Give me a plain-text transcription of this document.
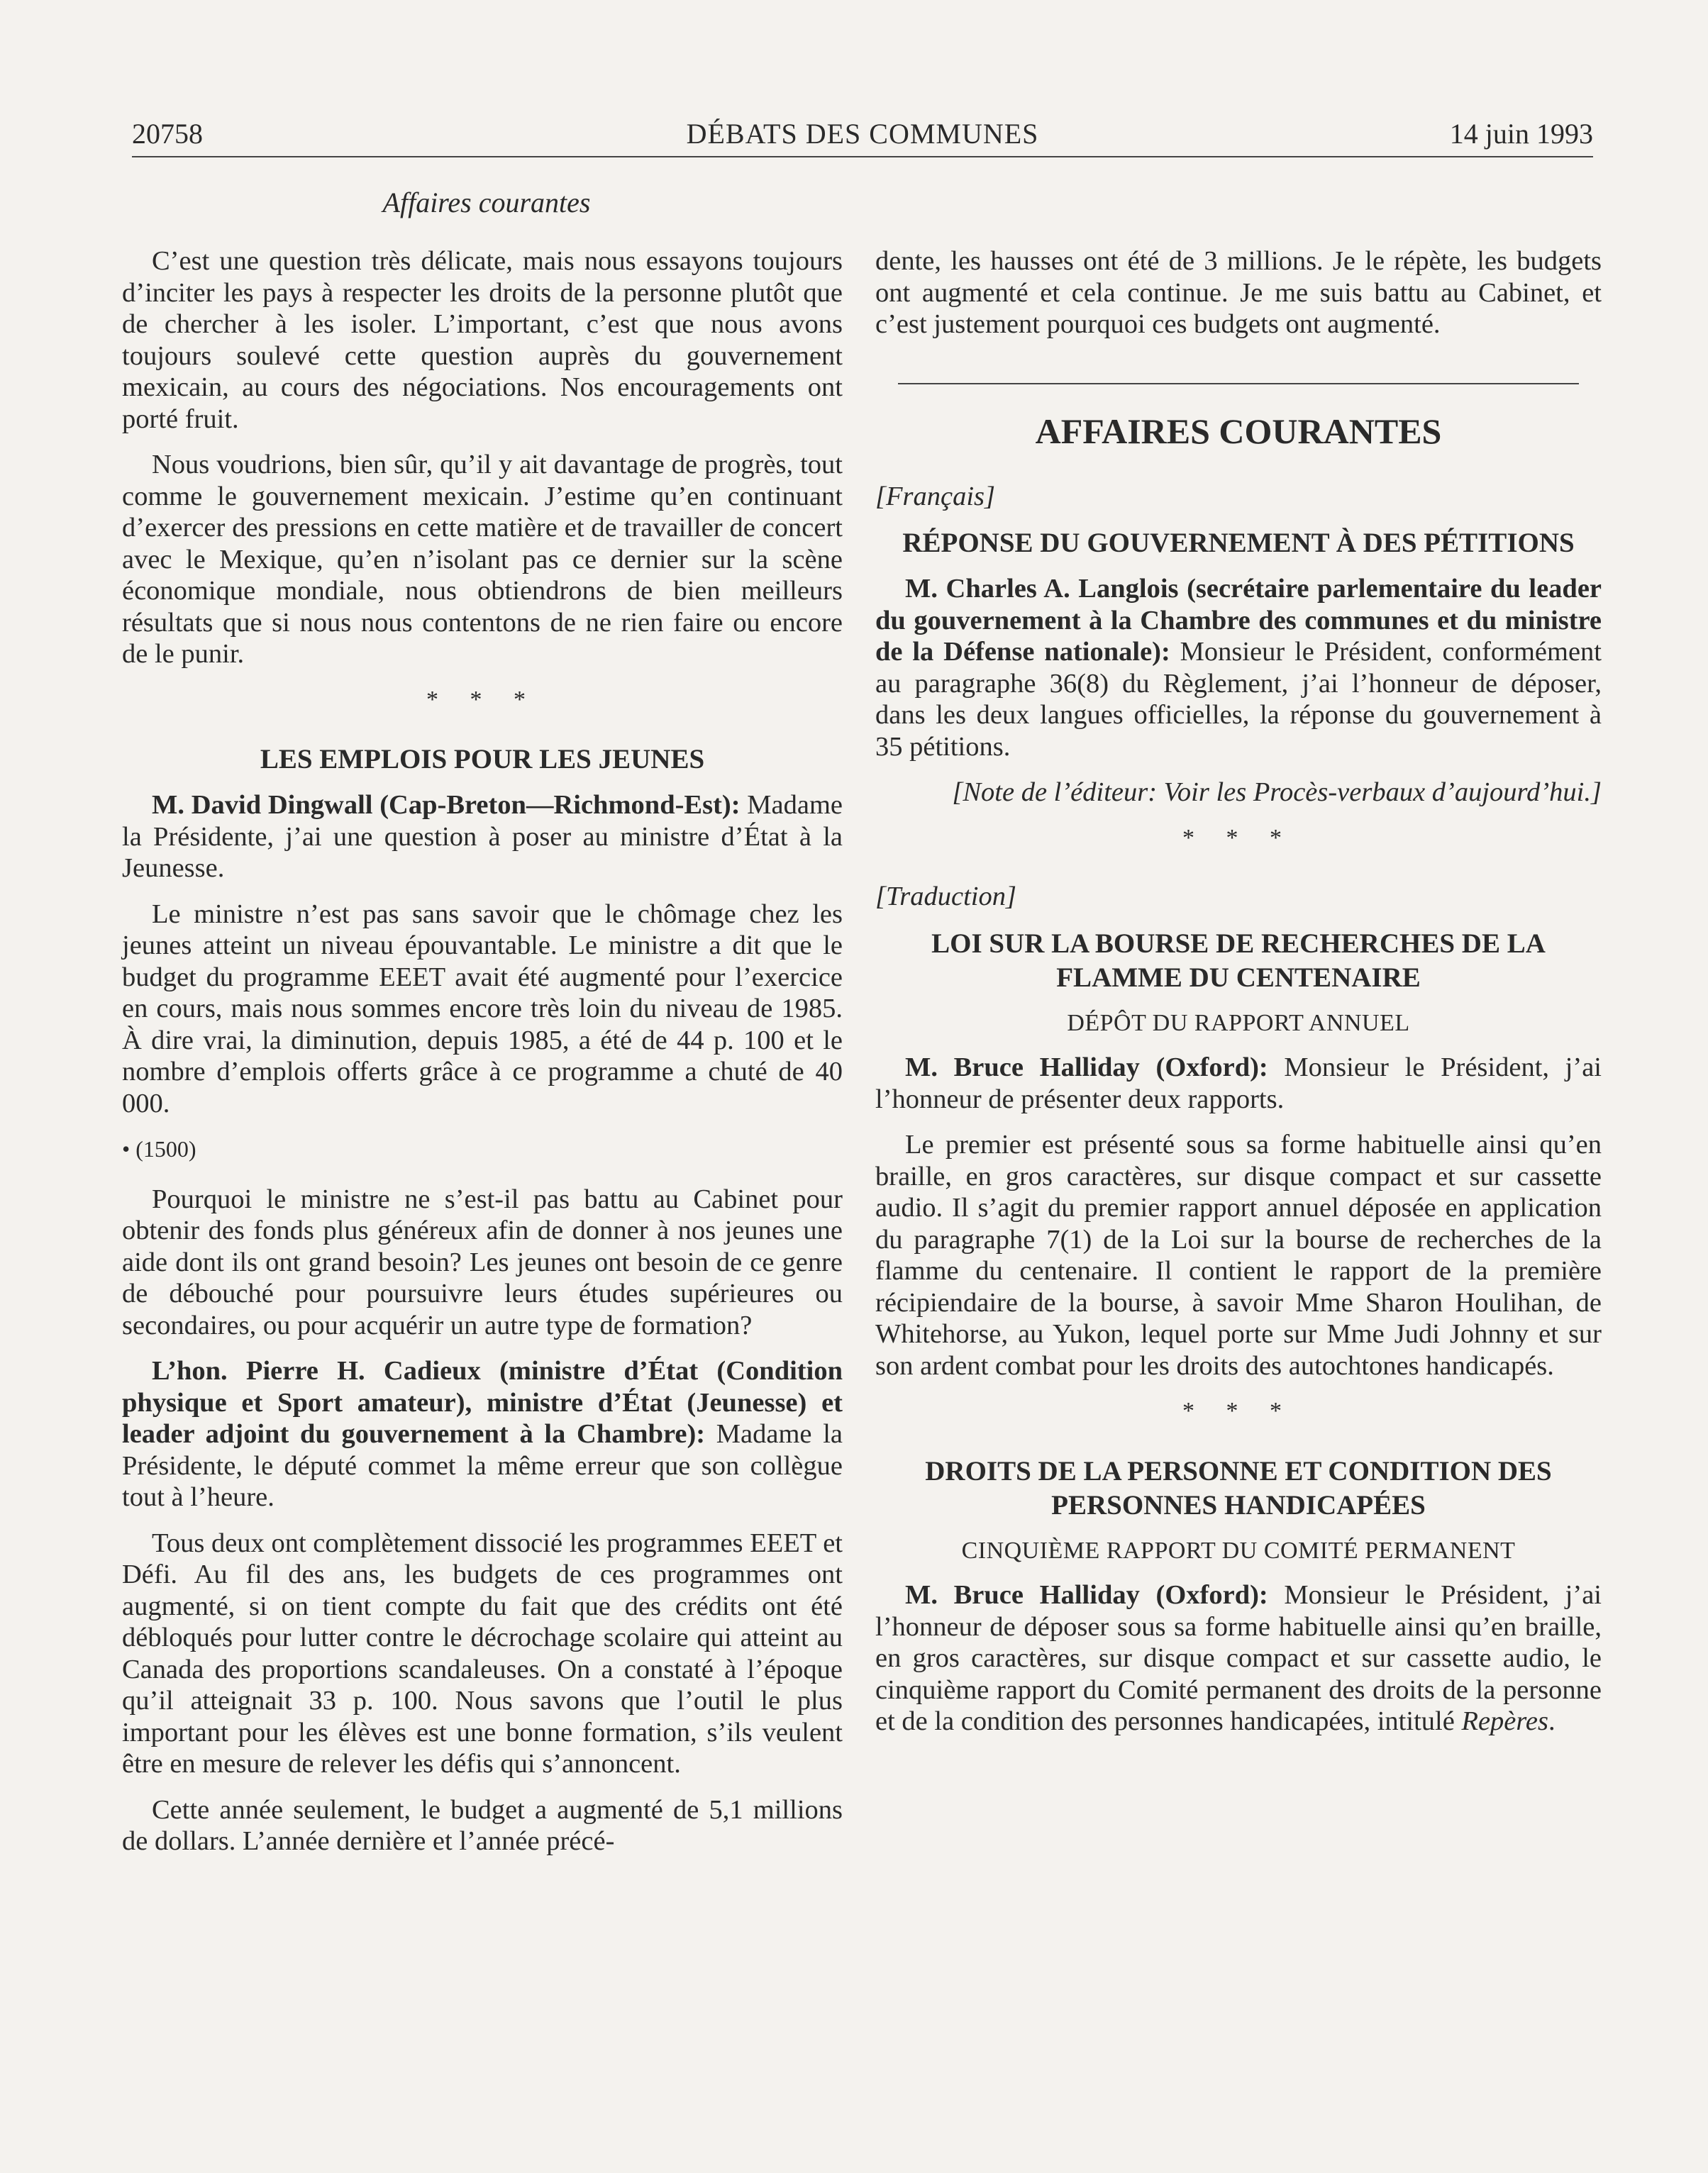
20758	DÉBATS DES COMMUNES	14 juin 1993
Affaires courantes

C’est une question très délicate, mais nous essayons toujours d’inciter les pays à respecter les droits de la personne plutôt que de chercher à les isoler. L’important, c’est que nous avons toujours soulevé cette question auprès du gouvernement mexicain, au cours des négociations. Nos encouragements ont porté fruit.

Nous voudrions, bien sûr, qu’il y ait davantage de progrès, tout comme le gouvernement mexicain. J’estime qu’en continuant d’exercer des pressions en cette matière et de travailler de concert avec le Mexique, qu’en n’isolant pas ce dernier sur la scène économique mondiale, nous obtiendrons de bien meilleurs résultats que si nous nous contentons de ne rien faire ou encore de le punir.

* * *
LES EMPLOIS POUR LES JEUNES

M. David Dingwall (Cap-Breton—Richmond-Est): Madame la Présidente, j’ai une question à poser au ministre d’État à la Jeunesse.

Le ministre n’est pas sans savoir que le chômage chez les jeunes atteint un niveau épouvantable. Le ministre a dit que le budget du programme EEET avait été augmenté pour l’exercice en cours, mais nous sommes encore très loin du niveau de 1985. À dire vrai, la diminution, depuis 1985, a été de 44 p. 100 et le nombre d’emplois offerts grâce à ce programme a chuté de 40 000.

• (1500)

Pourquoi le ministre ne s’est-il pas battu au Cabinet pour obtenir des fonds plus généreux afin de donner à nos jeunes une aide dont ils ont grand besoin? Les jeunes ont besoin de ce genre de débouché pour poursuivre leurs études supérieures ou secondaires, ou pour acquérir un autre type de formation?

L’hon. Pierre H. Cadieux (ministre d’État (Condition physique et Sport amateur), ministre d’État (Jeunesse) et leader adjoint du gouvernement à la Chambre): Madame la Présidente, le député commet la même erreur que son collègue tout à l’heure.

Tous deux ont complètement dissocié les programmes EEET et Défi. Au fil des ans, les budgets de ces programmes ont augmenté, si on tient compte du fait que des crédits ont été débloqués pour lutter contre le décrochage scolaire qui atteint au Canada des proportions scandaleuses. On a constaté à l’époque qu’il atteignait 33 p. 100. Nous savons que l’outil le plus important pour les élèves est une bonne formation, s’ils veulent être en mesure de relever les défis qui s’annoncent.

Cette année seulement, le budget a augmenté de 5,1 millions de dollars. L’année dernière et l’année précé-

dente, les hausses ont été de 3 millions. Je le répète, les budgets ont augmenté et cela continue. Je me suis battu au Cabinet, et c’est justement pourquoi ces budgets ont augmenté.

AFFAIRES COURANTES
[Français]
RÉPONSE DU GOUVERNEMENT À DES PÉTITIONS

M. Charles A. Langlois (secrétaire parlementaire du leader du gouvernement à la Chambre des communes et du ministre de la Défense nationale): Monsieur le Président, conformément au paragraphe 36(8) du Règlement, j’ai l’honneur de déposer, dans les deux langues officielles, la réponse du gouvernement à 35 pétitions.

[Note de l’éditeur: Voir les Procès-verbaux d’aujourd’hui.]
* * *
[Traduction]
LOI SUR LA BOURSE DE RECHERCHES DE LA FLAMME DU CENTENAIRE
DÉPÔT DU RAPPORT ANNUEL

M. Bruce Halliday (Oxford): Monsieur le Président, j’ai l’honneur de présenter deux rapports.

Le premier est présenté sous sa forme habituelle ainsi qu’en braille, en gros caractères, sur disque compact et sur cassette audio. Il s’agit du premier rapport annuel déposée en application du paragraphe 7(1) de la Loi sur la bourse de recherches de la flamme du centenaire. Il contient le rapport de la première récipiendaire de la bourse, à savoir Mme Sharon Houlihan, de Whitehorse, au Yukon, lequel porte sur Mme Judi Johnny et sur son ardent combat pour les droits des autochtones handicapés.

* * *
DROITS DE LA PERSONNE ET CONDITION DES PERSONNES HANDICAPÉES
CINQUIÈME RAPPORT DU COMITÉ PERMANENT

M. Bruce Halliday (Oxford): Monsieur le Président, j’ai l’honneur de déposer sous sa forme habituelle ainsi qu’en braille, en gros caractères, sur disque compact et sur cassette audio, le cinquième rapport du Comité permanent des droits de la personne et de la condition des personnes handicapées, intitulé Repères.
